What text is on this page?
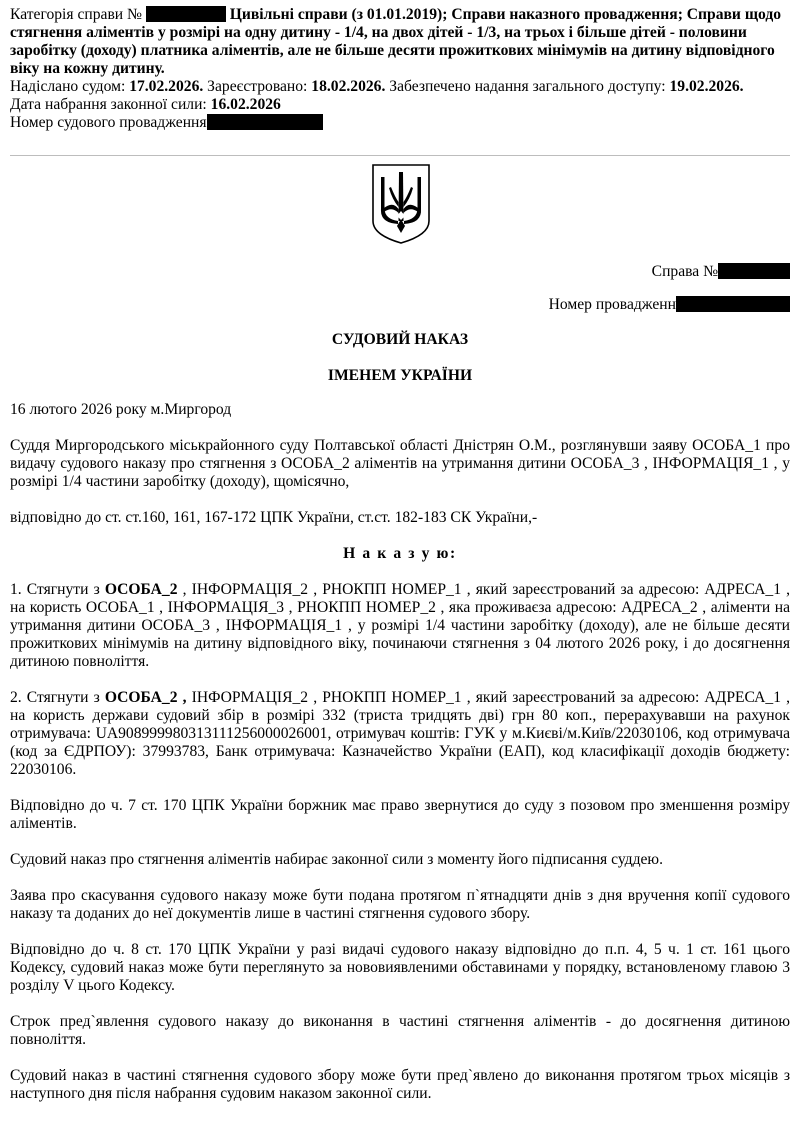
Категорія справи №	Цивільні справи (з 01.01.2019); Справи наказного провадження; Справи щодо стягнення аліментів у розмірі на одну дитину - 1/4, на двох дітей - 1/3, на трьох і більше дітей - половини заробітку (доходу) платника аліментів, але не більше десяти прожиткових мінімумів на дитину відповідного віку на кожну дитину.

Надіслано судом: 17.02.2026. Зареєстровано: 18.02.2026. Забезпечено надання загального доступу: 19.02.2026.

Дата набрання законної сили: 16.02.2026

Номер судового провадження

Справа №
Номер провадженн
СУДОВИЙ НАКАЗ
ІМЕНЕМ УКРАЇНИ

16 лютого 2026 року м.Миргород

Суддя Миргородського міськрайонного суду Полтавської області Дністрян О.М., розглянувши заяву ОСОБА_1 про видачу судового наказу про стягнення з ОСОБА_2 аліментів на утримання дитини ОСОБА_3 , ІНФОРМАЦІЯ_1 , у розмірі 1/4 частини заробітку (доходу), щомісячно,

відповідно до ст. ст.160, 161, 167-172 ЦПК України, ст.ст. 182-183 СК України,-

Н а к а з у ю:

1. Стягнути з ОСОБА_2 , ІНФОРМАЦІЯ_2 , РНОКПП НОМЕР_1 , який зареєстрований за адресою: АДРЕСА_1 , на користь ОСОБА_1 , ІНФОРМАЦІЯ_3 , РНОКПП НОМЕР_2 , яка проживаєза адресою: АДРЕСА_2 , аліменти на утримання дитини ОСОБА_3 , ІНФОРМАЦІЯ_1 , у розмірі 1/4 частини заробітку (доходу), але не більше десяти прожиткових мінімумів на дитину відповідного віку, починаючи стягнення з 04 лютого 2026 року, і до досягнення дитиною повноліття.

2. Стягнути з ОСОБА_2 , ІНФОРМАЦІЯ_2 , РНОКПП НОМЕР_1 , який зареєстрований за адресою: АДРЕСА_1 , на користь держави судовий збір в розмірі 332 (триста тридцять дві) грн 80 коп., перерахувавши на рахунок отримувача: UA908999980313111256000026001, отримувач коштів: ГУК у м.Києві/м.Київ/22030106, код отримувача (код за ЄДРПОУ): 37993783, Банк отримувача: Казначейство України (ЕАП), код класифікації доходів бюджету: 22030106.

Відповідно до ч. 7 ст. 170 ЦПК України боржник має право звернутися до суду з позовом про зменшення розміру аліментів.

Судовий наказ про стягнення аліментів набирає законної сили з моменту його підписання суддею.

Заява про скасування судового наказу може бути подана протягом п`ятнадцяти днів з дня вручення копії судового наказу та доданих до неї документів лише в частині стягнення судового збору.

Відповідно до ч. 8 ст. 170 ЦПК України у разі видачі судового наказу відповідно до п.п. 4, 5 ч. 1 ст. 161 цього Кодексу, судовий наказ може бути переглянуто за нововиявленими обставинами у порядку, встановленому главою 3 розділу V цього Кодексу.

Строк пред`явлення судового наказу до виконання в частині стягнення аліментів - до досягнення дитиною повноліття.

Судовий наказ в частині стягнення судового збору може бути пред`явлено до виконання протягом трьох місяців з наступного дня після набрання судовим наказом законної сили.
